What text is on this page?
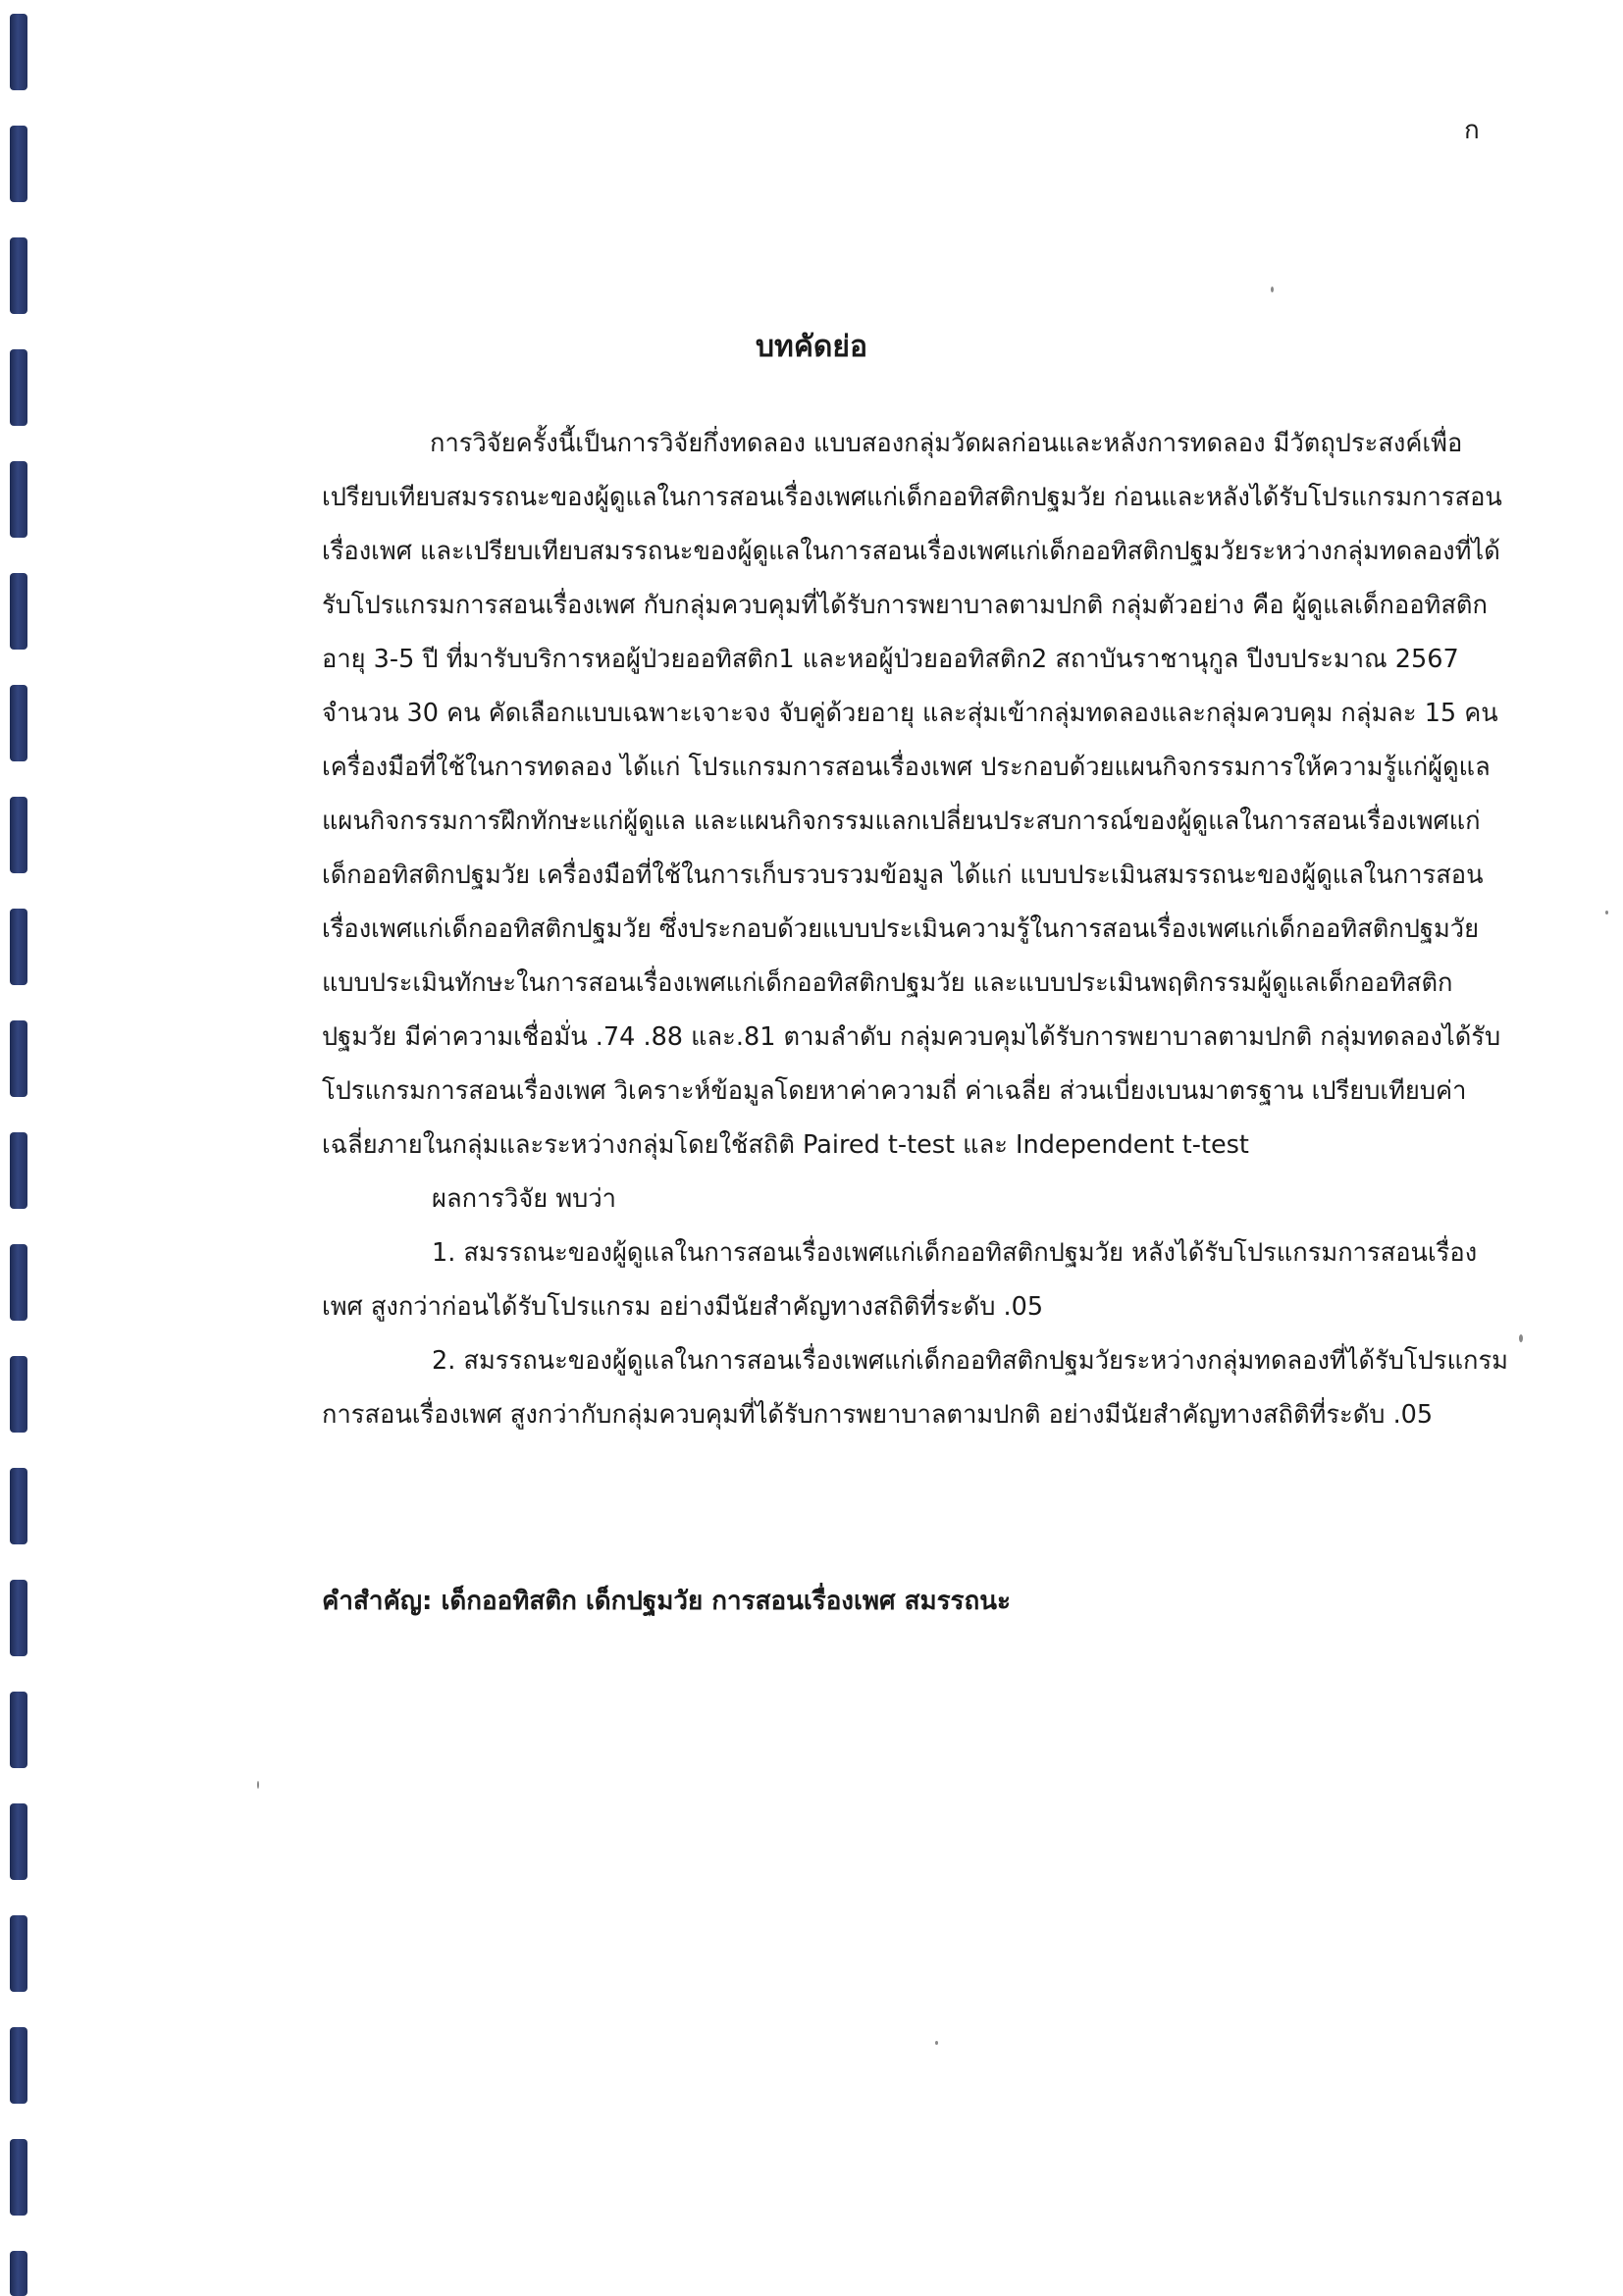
ก
บทคัดย่อ

การวิจัยครั้งนี้เป็นการวิจัยกึ่งทดลอง แบบสองกลุ่มวัดผลก่อนและหลังการทดลอง มีวัตถุประสงค์เพื่อเปรียบเทียบสมรรถนะของผู้ดูแลในการสอนเรื่องเพศแก่เด็กออทิสติกปฐมวัย ก่อนและหลังได้รับโปรแกรมการสอนเรื่องเพศ และเปรียบเทียบสมรรถนะของผู้ดูแลในการสอนเรื่องเพศแก่เด็กออทิสติกปฐมวัยระหว่างกลุ่มทดลองที่ได้รับโปรแกรมการสอนเรื่องเพศ กับกลุ่มควบคุมที่ได้รับการพยาบาลตามปกติ กลุ่มตัวอย่าง คือ ผู้ดูแลเด็กออทิสติก อายุ 3-5 ปี ที่มารับบริการหอผู้ป่วยออทิสติก1 และหอผู้ป่วยออทิสติก2 สถาบันราชานุกูล ปีงบประมาณ 2567 จำนวน 30 คน คัดเลือกแบบเฉพาะเจาะจง จับคู่ด้วยอายุ และสุ่มเข้ากลุ่มทดลองและกลุ่มควบคุม กลุ่มละ 15 คน เครื่องมือที่ใช้ในการทดลอง ได้แก่ โปรแกรมการสอนเรื่องเพศ ประกอบด้วยแผนกิจกรรมการให้ความรู้แก่ผู้ดูแล แผนกิจกรรมการฝึกทักษะแก่ผู้ดูแล และแผนกิจกรรมแลกเปลี่ยนประสบการณ์ของผู้ดูแลในการสอนเรื่องเพศแก่เด็กออทิสติกปฐมวัย เครื่องมือที่ใช้ในการเก็บรวบรวมข้อมูล ได้แก่ แบบประเมินสมรรถนะของผู้ดูแลในการสอนเรื่องเพศแก่เด็กออทิสติกปฐมวัย ซึ่งประกอบด้วยแบบประเมินความรู้ในการสอนเรื่องเพศแก่เด็กออทิสติกปฐมวัย แบบประเมินทักษะในการสอนเรื่องเพศแก่เด็กออทิสติกปฐมวัย และแบบประเมินพฤติกรรมผู้ดูแลเด็กออทิสติกปฐมวัย มีค่าความเชื่อมั่น .74 .88 และ.81 ตามลำดับ กลุ่มควบคุมได้รับการพยาบาลตามปกติ กลุ่มทดลองได้รับโปรแกรมการสอนเรื่องเพศ วิเคราะห์ข้อมูลโดยหาค่าความถี่ ค่าเฉลี่ย ส่วนเบี่ยงเบนมาตรฐาน เปรียบเทียบค่าเฉลี่ยภายในกลุ่มและระหว่างกลุ่มโดยใช้สถิติ Paired t-test และ Independent t-test

ผลการวิจัย พบว่า

1. สมรรถนะของผู้ดูแลในการสอนเรื่องเพศแก่เด็กออทิสติกปฐมวัย หลังได้รับโปรแกรมการสอนเรื่องเพศ สูงกว่าก่อนได้รับโปรแกรม อย่างมีนัยสำคัญทางสถิติที่ระดับ .05

2. สมรรถนะของผู้ดูแลในการสอนเรื่องเพศแก่เด็กออทิสติกปฐมวัยระหว่างกลุ่มทดลองที่ได้รับโปรแกรมการสอนเรื่องเพศ สูงกว่ากับกลุ่มควบคุมที่ได้รับการพยาบาลตามปกติ อย่างมีนัยสำคัญทางสถิติที่ระดับ .05

คำสำคัญ: เด็กออทิสติก เด็กปฐมวัย การสอนเรื่องเพศ สมรรถนะ
